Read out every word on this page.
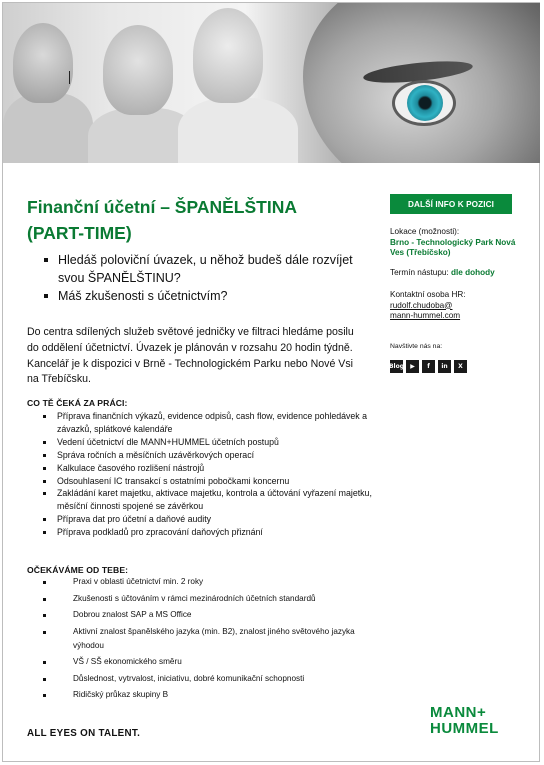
Finanční účetní – ŠPANĚLŠTINA
(PART-TIME)
Hledáš poloviční úvazek, u něhož budeš dále rozvíjet svou ŠPANĚLŠTINU?
Máš zkušenosti s účetnictvím?

Do centra sdílených služeb světové jedničky ve filtraci hledáme posilu do oddělení účetnictví. Úvazek je plánován v rozsahu 20 hodin týdně. Kancelář je k dispozici v Brně - Technologickém Parku nebo Nové Vsi na Třebíčsku.

CO TĚ ČEKÁ ZA PRÁCI:

Příprava finančních výkazů, evidence odpisů, cash flow, evidence pohledávek a závazků, splátkové kalendáře
Vedení účetnictví dle MANN+HUMMEL účetních postupů
Správa ročních a měsíčních uzávěrkových operací
Kalkulace časového rozlišení nástrojů
Odsouhlasení IC transakcí s ostatními pobočkami koncernu
Zakládání karet majetku, aktivace majetku, kontrola a účtování vyřazení majetku, měsíční činnosti spojené se závěrkou
Příprava dat pro účetní a daňové audity
Příprava podkladů pro zpracování daňových přiznání

OČEKÁVÁME OD TEBE:

Praxi v oblasti účetnictví min. 2 roky
Zkušenosti s účtováním v rámci mezinárodních účetních standardů
Dobrou znalost SAP a MS Office
Aktivní znalost španělského jazyka (min. B2), znalost jiného světového jazyka výhodou
VŠ / SŠ ekonomického směru
Důslednost, vytrvalost, iniciativu, dobré komunikační schopnosti
Ridičský průkaz skupiny B
DALŠÍ INFO K POZICI
Lokace (možnosti):
Brno - Technologický Park Nová Ves (Třebíčsko)
Termín nástupu: dle dohody
Kontaktní osoba HR:
rudolf.chudoba@
mann-hummel.com
Navštivte nás na:
Blog	▶	f	in	X

ALL EYES ON TALENT.

MANN+
HUMMEL
